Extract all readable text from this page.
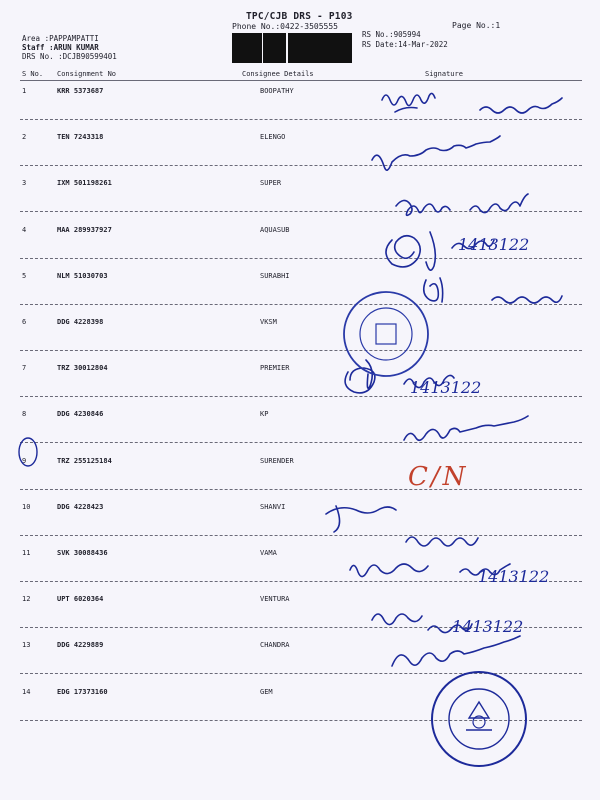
TPC/CJB DRS - P103
Phone No.:0422-3505555	Page No.:1
Area :PAPPAMPATTI
Staff :ARUN KUMAR
DRS No. :DCJB90599401
RS No.:905994
RS Date:14-Mar-2022
S No. Consignment No	Consignee Details	Signature
1	KRR 5373687	BOOPATHY
2	TEN 7243318	ELENGO
3	IXM 501198261	SUPER
4	MAA 289937927	AQUASUB
5	NLM 51030703	SURABHI
6	DDG 4228398	VKSM
7	TRZ 30012804	PREMIER
8	DDG 4230846	KP
9	TRZ 255125184	SURENDER
10	DDG 4228423	SHANVI
11	SVK 30088436	VAMA
12	UPT 6020364	VENTURA
13	DDG 4229889	CHANDRA
14	EDG 17373160	GEM
1413122
1413122
1413122
1413122
C/N
